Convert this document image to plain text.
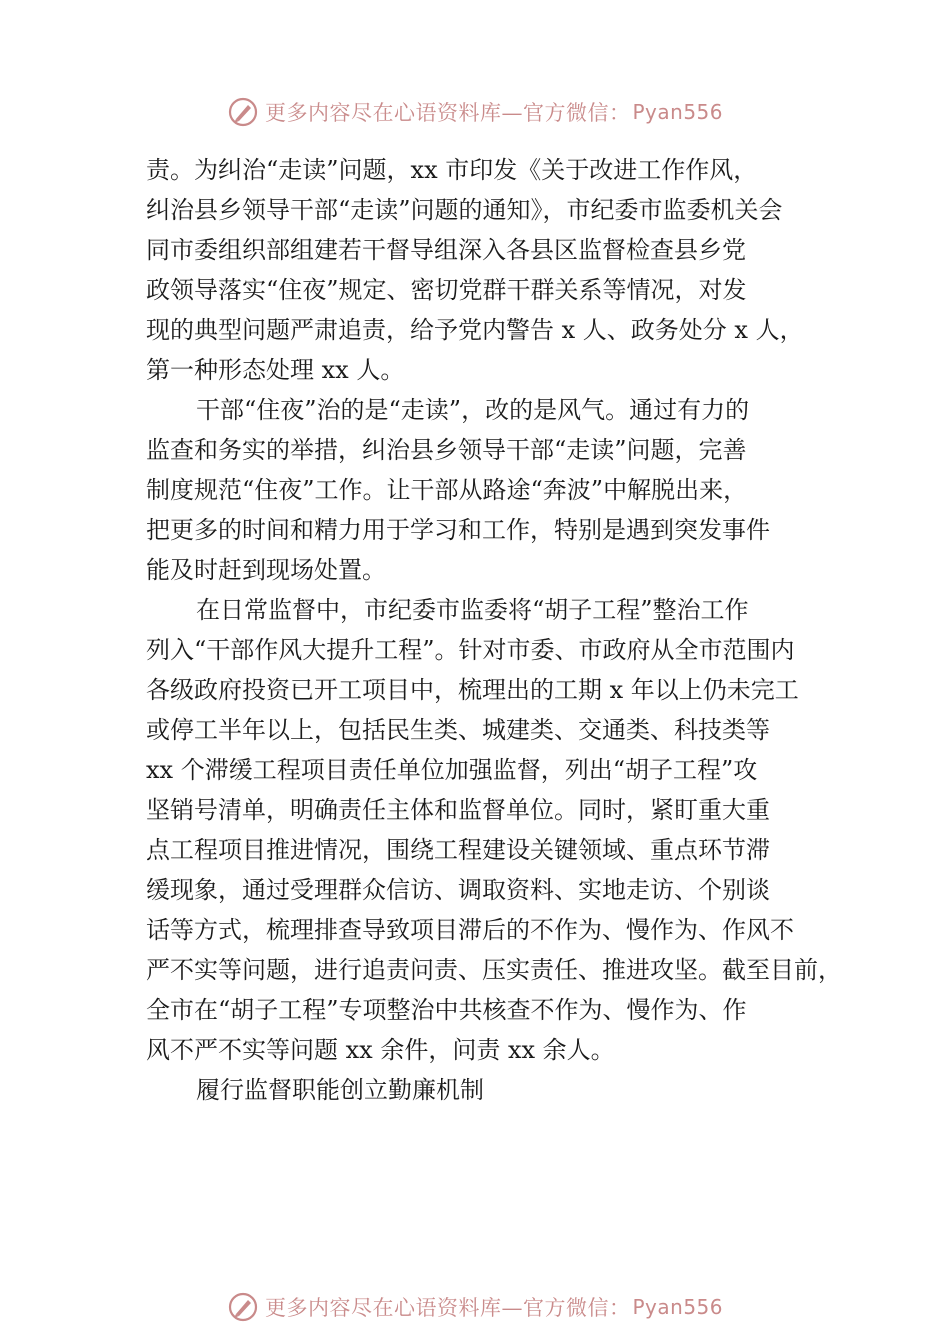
更多内容尽在心语资料库—官方微信： Pyan556
责。为纠治“走读”问题，xx 市印发《关于改进工作作风，
纠治县乡领导干部“走读”问题的通知》，市纪委市监委机关会
同市委组织部组建若干督导组深入各县区监督检查县乡党
政领导落实“住夜”规定、密切党群干群关系等情况，对发
现的典型问题严肃追责，给予党内警告 x 人、政务处分 x 人，
第一种形态处理 xx 人。
干部“住夜”治的是“走读”，改的是风气。通过有力的
监查和务实的举措，纠治县乡领导干部“走读”问题，完善
制度规范“住夜”工作。让干部从路途“奔波”中解脱出来，
把更多的时间和精力用于学习和工作，特别是遇到突发事件
能及时赶到现场处置。
在日常监督中，市纪委市监委将“胡子工程”整治工作
列入“干部作风大提升工程”。针对市委、市政府从全市范围内
各级政府投资已开工项目中，梳理出的工期 x 年以上仍未完工
或停工半年以上，包括民生类、城建类、交通类、科技类等
xx 个滞缓工程项目责任单位加强监督，列出“胡子工程”攻
坚销号清单，明确责任主体和监督单位。同时，紧盯重大重
点工程项目推进情况，围绕工程建设关键领域、重点环节滞
缓现象，通过受理群众信访、调取资料、实地走访、个别谈
话等方式，梳理排查导致项目滞后的不作为、慢作为、作风不
严不实等问题，进行追责问责、压实责任、推进攻坚。截至目前，
全市在“胡子工程”专项整治中共核查不作为、慢作为、作
风不严不实等问题 xx 余件，问责 xx 余人。
履行监督职能创立勤廉机制
更多内容尽在心语资料库—官方微信： Pyan556
